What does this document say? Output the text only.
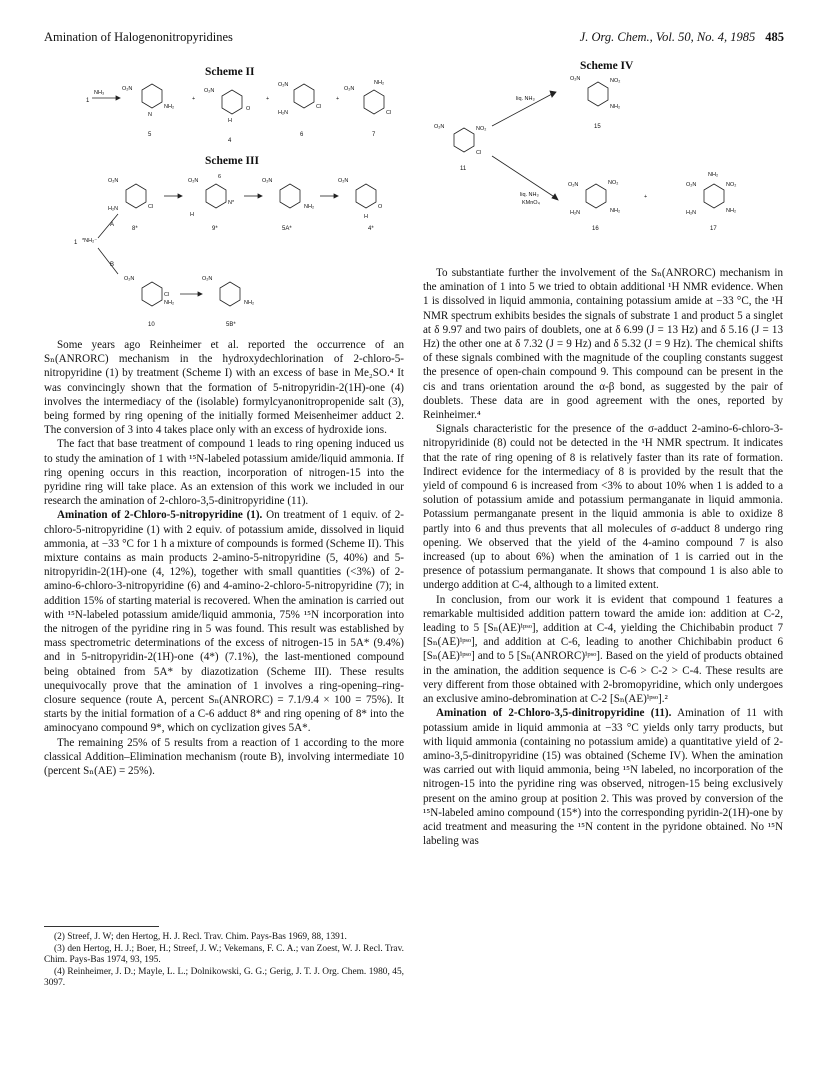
Amination of Halogenonitropyridines	J. Org. Chem., Vol. 50, No. 4, 1985 485
Scheme II
1
NH₃
O₂N
NH₂
N
5
+
O₂N
O
H
4
+
O₂N
H₂N
Cl
6
+
O₂N
NH₂
Cl
7
Scheme III
O₂N
H₂N	Cl
8*
O₂N
H
6
N*
9*
O₂N
NH₂
5A*
O₂N
O
H
4*
1 *NH₂⁻
A
B
O₂N
Cl
NH₂
10
O₂N
NH₂
5B*
Scheme IV
O₂N	NO₂
Cl
11
liq. NH₃
O₂N	NO₂
NH₂
15
liq. NH₃
KMnO₄
O₂N	NO₂
H₂N	NH₂
16
+
O₂N
NH₂
NO₂
H₂N	NH₂
17

Some years ago Reinheimer et al. reported the occurrence of an Sₙ(ANRORC) mechanism in the hydroxydechlorination of 2-chloro-5-nitropyridine (1) by treatment (Scheme I) with an excess of base in Me₂SO.⁴ It was convincingly shown that the formation of 5-nitropyridin-2(1H)-one (4) involves the intermediacy of the (isolable) formylcyanonitropropenide salt (3), being formed by ring opening of the initially formed Meisenheimer adduct 2. The conversion of 3 into 4 takes place only with an excess of hydroxide ions.

The fact that base treatment of compound 1 leads to ring opening induced us to study the amination of 1 with ¹⁵N-labeled potassium amide/liquid ammonia. If ring opening occurs in this reaction, incorporation of nitrogen-15 into the pyridine ring will take place. As an extension of this work we included in our research the amination of 2-chloro-3,5-dinitropyridine (11).

Amination of 2-Chloro-5-nitropyridine (1). On treatment of 1 equiv. of 2-chloro-5-nitropyridine (1) with 2 equiv. of potassium amide, dissolved in liquid ammonia, at −33 °C for 1 h a mixture of compounds is formed (Scheme II). This mixture contains as main products 2-amino-5-nitropyridine (5, 40%) and 5-nitropyridin-2(1H)-one (4, 12%), together with small quantities (<3%) of 2-amino-6-chloro-3-nitropyridine (6) and 4-amino-2-chloro-5-nitropyridine (7); in addition 15% of starting material is recovered. When the amination is carried out with ¹⁵N-labeled potassium amide/liquid ammonia, 75% ¹⁵N incorporation into the nitrogen of the pyridine ring in 5 was found. This result was established by mass spectrometric determinations of the excess of nitrogen-15 in 5A* (9.4%) and in 5-nitropyridin-2(1H)-one (4*) (7.1%), the last-mentioned compound being obtained from 5A* by diazotization (Scheme III). These results unequivocally prove that the amination of 1 involves a ring-opening–ring-closure sequence (route A, percent Sₙ(ANRORC) = 7.1/9.4 × 100 = 75%). It starts by the initial formation of a C-6 adduct 8* and ring opening of 8* into the aminocyano compound 9*, which on cyclization gives 5A*.

The remaining 25% of 5 results from a reaction of 1 according to the more classical Addition–Elimination mechanism (route B), involving intermediate 10 (percent Sₙ(AE) = 25%).

(2) Streef, J. W; den Hertog, H. J. Recl. Trav. Chim. Pays-Bas 1969, 88, 1391.

(3) den Hertog, H. J.; Boer, H.; Streef, J. W.; Vekemans, F. C. A.; van Zoest, W. J. Recl. Trav. Chim. Pays-Bas 1974, 93, 195.

(4) Reinheimer, J. D.; Mayle, L. L.; Dolnikowski, G. G.; Gerig, J. T. J. Org. Chem. 1980, 45, 3097.

To substantiate further the involvement of the Sₙ(ANRORC) mechanism in the amination of 1 into 5 we tried to obtain additional ¹H NMR evidence. When 1 is dissolved in liquid ammonia, containing potassium amide at −33 °C, the ¹H NMR spectrum exhibits besides the signals of substrate 1 and product 5 a singlet at δ 9.97 and two pairs of doublets, one at δ 6.99 (J = 13 Hz) and δ 5.16 (J = 13 Hz) the other one at δ 7.32 (J = 9 Hz) and δ 5.32 (J = 9 Hz). The chemical shifts of these signals combined with the magnitude of the coupling constants suggest the presence of open-chain compound 9. This compound can be present in the cis and trans orientation around the α-β bond, as suggested by the pair of doublets. These data are in good agreement with the ones, reported by Reinheimer.⁴

Signals characteristic for the presence of the σ-adduct 2-amino-6-chloro-3-nitropyridinide (8) could not be detected in the ¹H NMR spectrum. It indicates that the rate of ring opening of 8 is relatively faster than its rate of formation. Indirect evidence for the intermediacy of 8 is provided by the result that the yield of compound 6 is increased from <3% to about 10% when 1 is added to a solution of potassium amide and potassium permanganate in liquid ammonia. Potassium permanganate present in the liquid ammonia is able to oxidize 8 partly into 6 and thus prevents that all molecules of σ-adduct 8 undergo ring opening. We observed that the yield of the 4-amino compound 7 is also increased (up to about 6%) when the amination of 1 is carried out in the presence of potassium permanganate. It shows that compound 1 is also able to undergo addition at C-4, although to a limited extent.

In conclusion, from our work it is evident that compound 1 features a remarkable multisided addition pattern toward the amide ion: addition at C-2, leading to 5 [Sₙ(AE)ⁱᵖˢᵒ], addition at C-4, yielding the Chichibabin product 7 [Sₙ(AE)ⁱᵖˢᵒ], and addition at C-6, leading to another Chichibabin product 6 [Sₙ(AE)ⁱᵖˢᵒ] and to 5 [Sₙ(ANRORC)ⁱᵖˢᵒ]. Based on the yield of products obtained in the amination, the addition sequence is C-6 > C-2 > C-4. These results are very different from those obtained with 2-bromopyridine, which only undergoes an exclusive amino-debromination at C-2 [Sₙ(AE)ⁱᵖˢᵒ].²

Amination of 2-Chloro-3,5-dinitropyridine (11). Amination of 11 with potassium amide in liquid ammonia at −33 °C yields only tarry products, but with liquid ammonia (containing no potassium amide) a quantitative yield of 2-amino-3,5-dinitropyridine (15) was obtained (Scheme IV). When the amination was carried out with liquid ammonia, being ¹⁵N labeled, no incorporation of the nitrogen-15 into the pyridine ring was observed, nitrogen-15 being exclusively present on the amino group at position 2. This was proved by conversion of the ¹⁵N-labeled amino compound (15*) into the corresponding pyridin-2(1H)-one by acid treatment and measuring the ¹⁵N content in the pyridone obtained. No ¹⁵N labeling was
